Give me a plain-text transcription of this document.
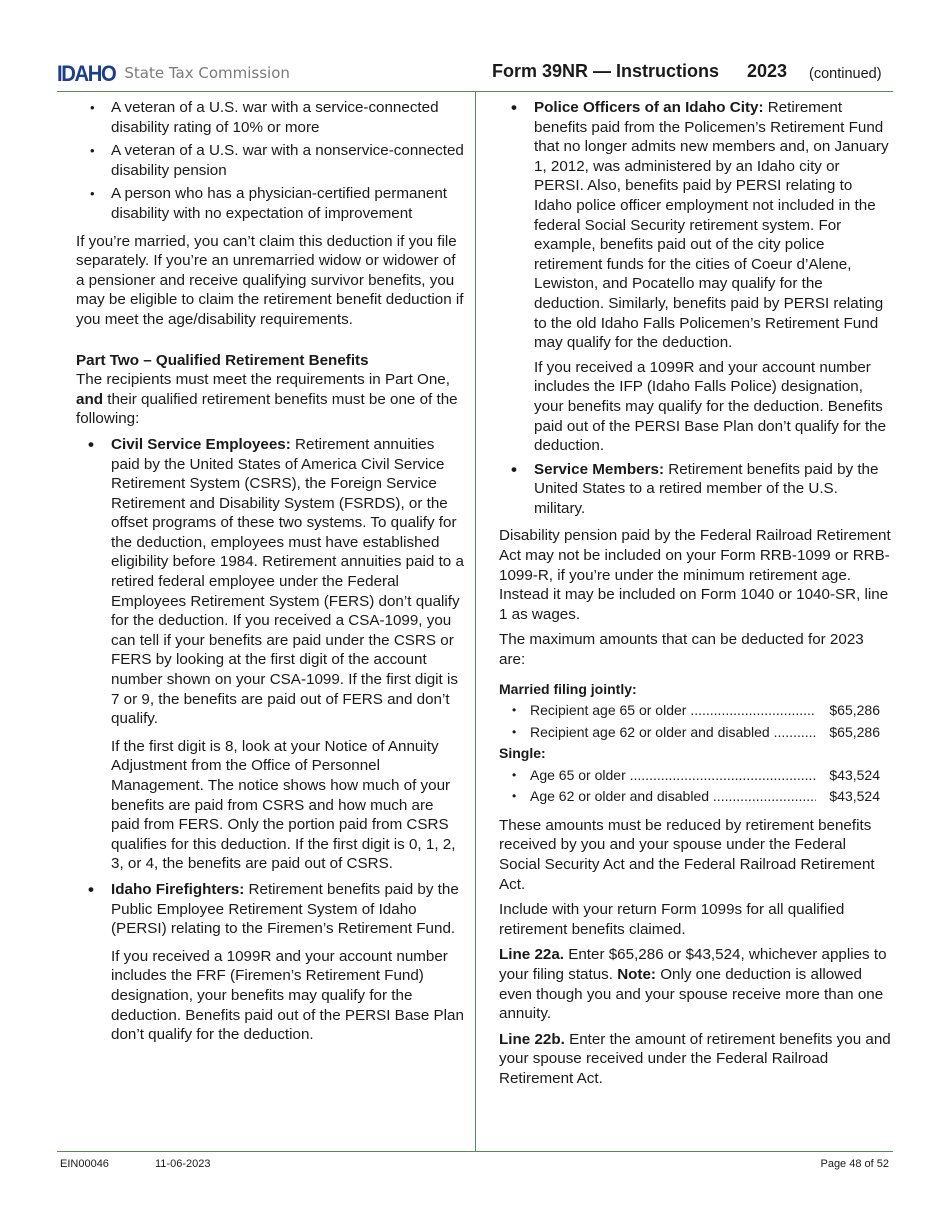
IDAHO State Tax Commission	Form 39NR — Instructions 2023 (continued)

• A veteran of a U.S. war with a service-connected disability rating of 10% or more

• A veteran of a U.S. war with a nonservice-connected disability pension

• A person who has a physician-certified permanent disability with no expectation of improvement

If you’re married, you can’t claim this deduction if you file separately. If you’re an unremarried widow or widower of a pensioner and receive qualifying survivor benefits, you may be eligible to claim the retirement benefit deduction if you meet the age/disability requirements.

Part Two – Qualified Retirement Benefits

The recipients must meet the requirements in Part One, and their qualified retirement benefits must be one of the following:

• Civil Service Employees: Retirement annuities paid by the United States of America Civil Service Retirement System (CSRS), the Foreign Service Retirement and Disability System (FSRDS), or the offset programs of these two systems. To qualify for the deduction, employees must have established eligibility before 1984. Retirement annuities paid to a retired federal employee under the Federal Employees Retirement System (FERS) don’t qualify for the deduction. If you received a CSA-1099, you can tell if your benefits are paid under the CSRS or FERS by looking at the first digit of the account number shown on your CSA-1099. If the first digit is 7 or 9, the benefits are paid out of FERS and don’t qualify.

If the first digit is 8, look at your Notice of Annuity Adjustment from the Office of Personnel Management. The notice shows how much of your benefits are paid from CSRS and how much are paid from FERS. Only the portion paid from CSRS qualifies for this deduction. If the first digit is 0, 1, 2, 3, or 4, the benefits are paid out of CSRS.

• Idaho Firefighters: Retirement benefits paid by the Public Employee Retirement System of Idaho (PERSI) relating to the Firemen’s Retirement Fund.

If you received a 1099R and your account number includes the FRF (Firemen’s Retirement Fund) designation, your benefits may qualify for the deduction. Benefits paid out of the PERSI Base Plan don’t qualify for the deduction.

• Police Officers of an Idaho City: Retirement benefits paid from the Policemen’s Retirement Fund that no longer admits new members and, on January 1, 2012, was administered by an Idaho city or PERSI. Also, benefits paid by PERSI relating to Idaho police officer employment not included in the federal Social Security retirement system. For example, benefits paid out of the city police retirement funds for the cities of Coeur d’Alene, Lewiston, and Pocatello may qualify for the deduction. Similarly, benefits paid by PERSI relating to the old Idaho Falls Policemen’s Retirement Fund may qualify for the deduction.

If you received a 1099R and your account number includes the IFP (Idaho Falls Police) designation, your benefits may qualify for the deduction. Benefits paid out of the PERSI Base Plan don’t qualify for the deduction.

• Service Members: Retirement benefits paid by the United States to a retired member of the U.S. military.

Disability pension paid by the Federal Railroad Retirement Act may not be included on your Form RRB-1099 or RRB-1099-R, if you’re under the minimum retirement age. Instead it may be included on Form 1040 or 1040-SR, line 1 as wages.

The maximum amounts that can be deducted for 2023 are:

Married filing jointly:

• Recipient age 65 or older .....	$65,286
• Recipient age 62 or older and disabled .....	$65,286

Single:

• Age 65 or older .....	$43,524
• Age 62 or older and disabled .....	$43,524

These amounts must be reduced by retirement benefits received by you and your spouse under the Federal Social Security Act and the Federal Railroad Retirement Act.

Include with your return Form 1099s for all qualified retirement benefits claimed.

Line 22a. Enter $65,286 or $43,524, whichever applies to your filing status. Note: Only one deduction is allowed even though you and your spouse receive more than one annuity.

Line 22b. Enter the amount of retirement benefits you and your spouse received under the Federal Railroad Retirement Act.

EIN00046	11-06-2023	Page 48 of 52
